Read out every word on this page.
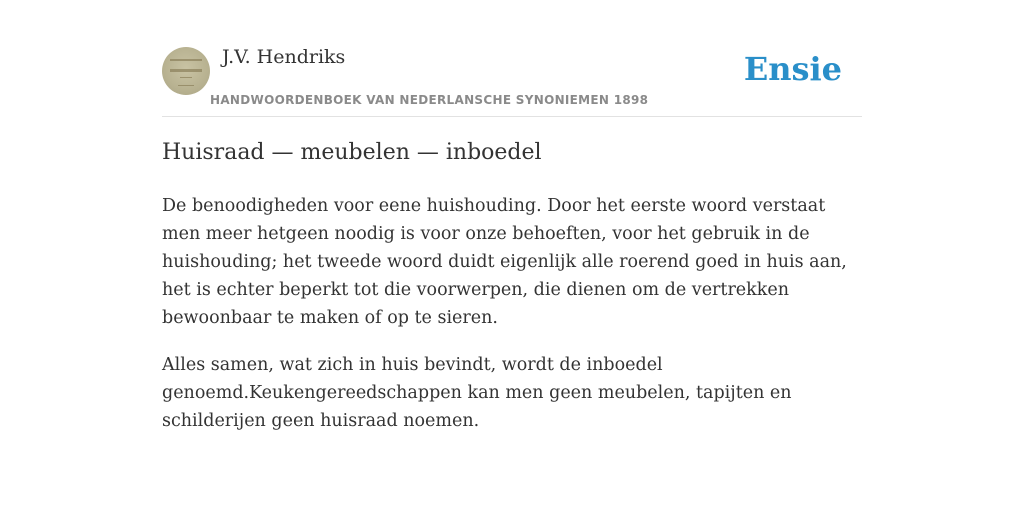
J.V. Hendriks
HANDWOORDENBOEK VAN NEDERLANSCHE SYNONIEMEN 1898
Ensie
Huisraad — meubelen — inboedel

De benoodigheden voor eene huishouding. Door het eerste woord verstaat men meer hetgeen noodig is voor onze behoeften, voor het gebruik in de huishouding; het tweede woord duidt eigenlijk alle roerend goed in huis aan, het is echter beperkt tot die voorwerpen, die dienen om de vertrekken bewoonbaar te maken of op te sieren.

Alles samen, wat zich in huis bevindt, wordt de inboedel genoemd.Keukengereedschappen kan men geen meubelen, tapijten en schilderijen geen huisraad noemen.
